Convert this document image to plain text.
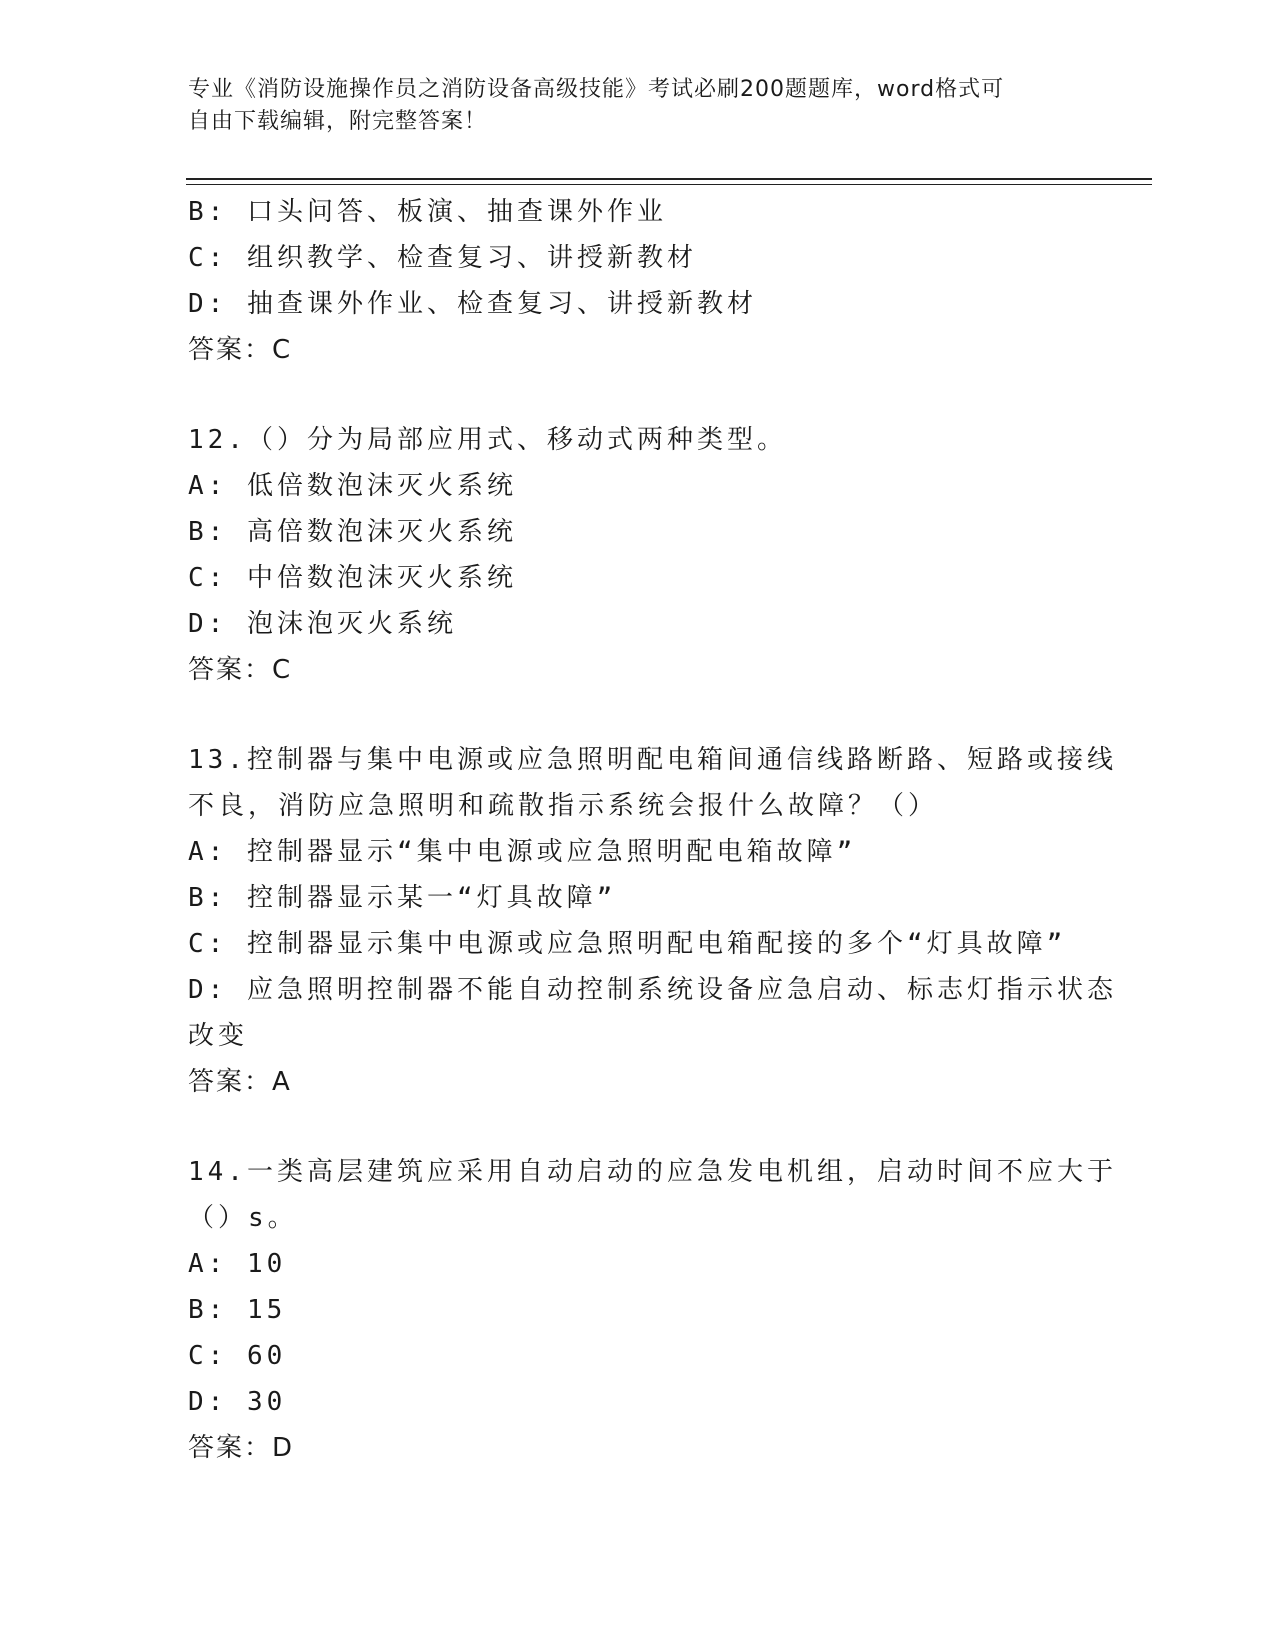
专业《消防设施操作员之消防设备高级技能》考试必刷200题题库，word格式可
自由下载编辑，附完整答案！
B: 口头问答、板演、抽查课外作业
C: 组织教学、检查复习、讲授新教材
D: 抽查课外作业、检查复习、讲授新教材
答案：C
12.（）分为局部应用式、移动式两种类型。
A: 低倍数泡沫灭火系统
B: 高倍数泡沫灭火系统
C: 中倍数泡沫灭火系统
D: 泡沫泡灭火系统
答案：C
13.控制器与集中电源或应急照明配电箱间通信线路断路、短路或接线
不良，消防应急照明和疏散指示系统会报什么故障？（）
A: 控制器显示“集中电源或应急照明配电箱故障”
B: 控制器显示某一“灯具故障”
C: 控制器显示集中电源或应急照明配电箱配接的多个“灯具故障”
D: 应急照明控制器不能自动控制系统设备应急启动、标志灯指示状态
改变
答案：A
14.一类高层建筑应采用自动启动的应急发电机组，启动时间不应大于
（）s。
A: 10
B: 15
C: 60
D: 30
答案：D
